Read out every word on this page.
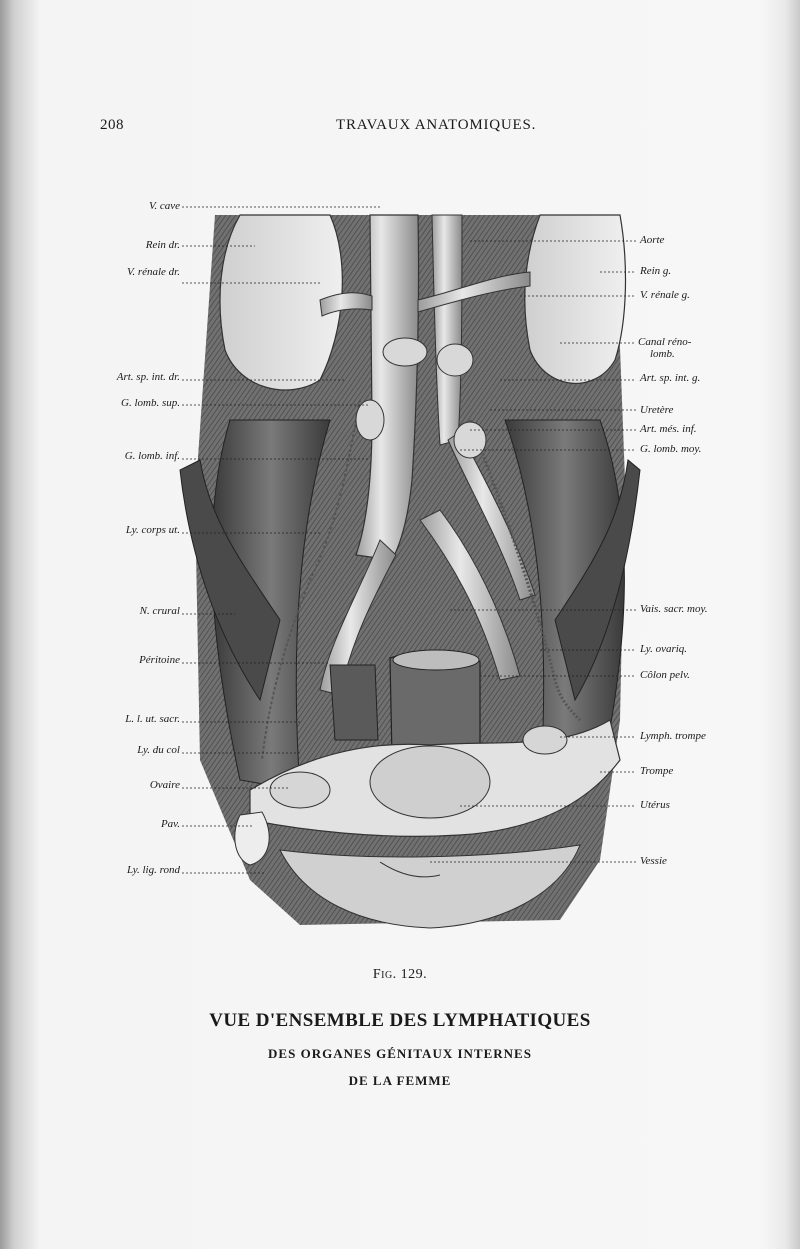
208	TRAVAUX ANATOMIQUES.
V. cave
Rein dr.
V. rénale dr.
Art. sp. int. dr.
G. lomb. sup.
G. lomb. inf.
Ly. corps ut.
N. crural
Péritoine
L. l. ut. sacr.
Ly. du col
Ovaire
Pav.
Ly. lig. rond
Aorte
Rein g.
V. rénale g.
Canal réno-
lomb.
Art. sp. int. g.
Uretère
Art. més. inf.
G. lomb. moy.
Vais. sacr. moy.
Ly. ovariq.
Côlon pelv.
Lymph. trompe
Trompe
Utérus
Vessie
Fig. 129.
VUE D'ENSEMBLE DES LYMPHATIQUES
DES ORGANES GÉNITAUX INTERNES
DE LA FEMME
